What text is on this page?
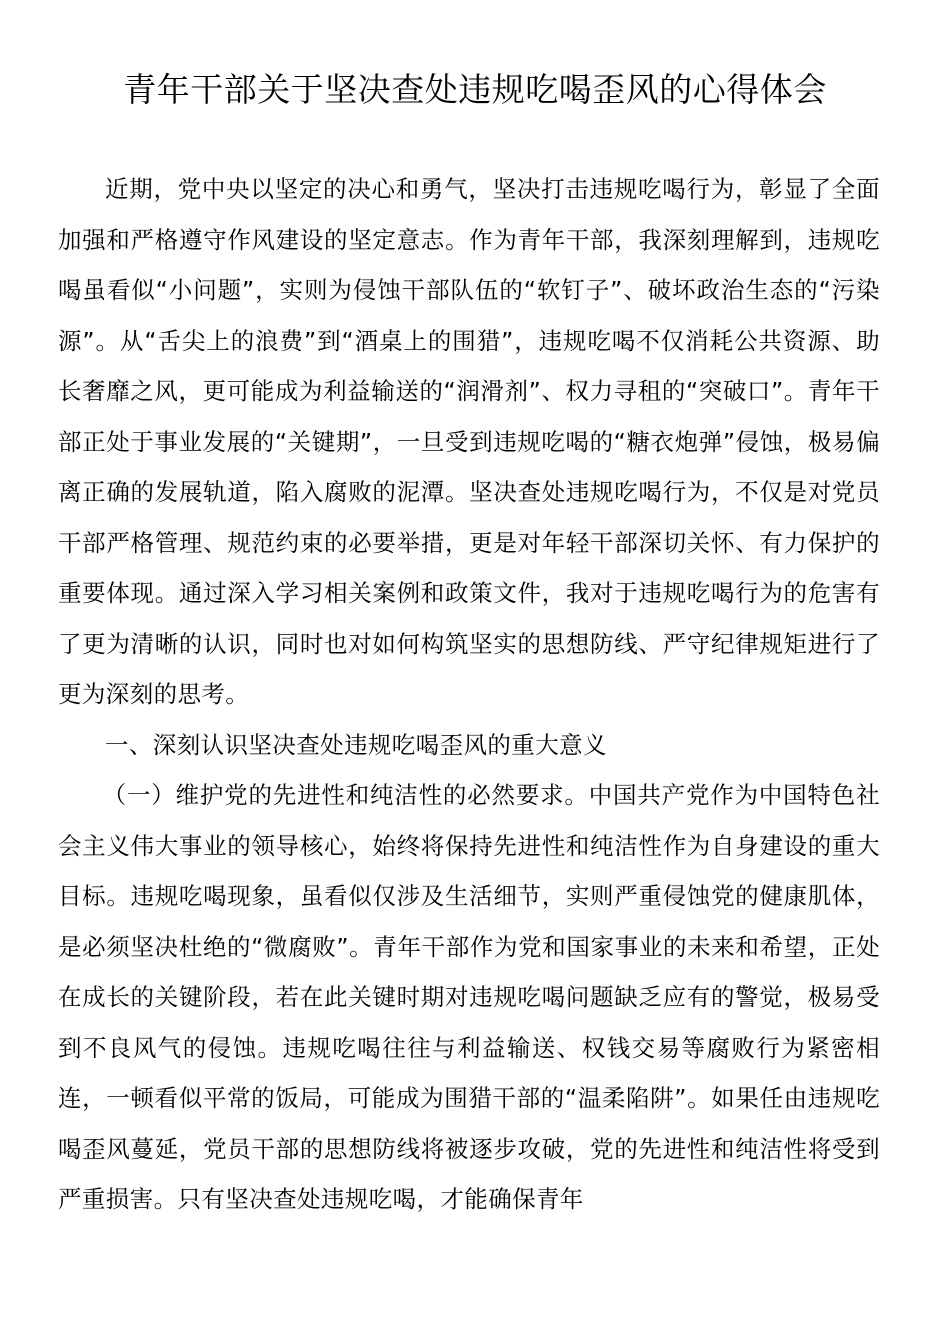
青年干部关于坚决查处违规吃喝歪风的心得体会

近期，党中央以坚定的决心和勇气，坚决打击违规吃喝行为，彰显了全面加强和严格遵守作风建设的坚定意志。作为青年干部，我深刻理解到，违规吃喝虽看似“小问题”，实则为侵蚀干部队伍的“软钉子”、破坏政治生态的“污染源”。从“舌尖上的浪费”到“酒桌上的围猎”，违规吃喝不仅消耗公共资源、助长奢靡之风，更可能成为利益输送的“润滑剂”、权力寻租的“突破口”。青年干部正处于事业发展的“关键期”，一旦受到违规吃喝的“糖衣炮弹”侵蚀，极易偏离正确的发展轨道，陷入腐败的泥潭。坚决查处违规吃喝行为，不仅是对党员干部严格管理、规范约束的必要举措，更是对年轻干部深切关怀、有力保护的重要体现。通过深入学习相关案例和政策文件，我对于违规吃喝行为的危害有了更为清晰的认识，同时也对如何构筑坚实的思想防线、严守纪律规矩进行了更为深刻的思考。

一、深刻认识坚决查处违规吃喝歪风的重大意义

（一）维护党的先进性和纯洁性的必然要求。中国共产党作为中国特色社会主义伟大事业的领导核心，始终将保持先进性和纯洁性作为自身建设的重大目标。违规吃喝现象，虽看似仅涉及生活细节，实则严重侵蚀党的健康肌体，是必须坚决杜绝的“微腐败”。青年干部作为党和国家事业的未来和希望，正处在成长的关键阶段，若在此关键时期对违规吃喝问题缺乏应有的警觉，极易受到不良风气的侵蚀。违规吃喝往往与利益输送、权钱交易等腐败行为紧密相连，一顿看似平常的饭局，可能成为围猎干部的“温柔陷阱”。如果任由违规吃喝歪风蔓延，党员干部的思想防线将被逐步攻破，党的先进性和纯洁性将受到严重损害。只有坚决查处违规吃喝，才能确保青年
